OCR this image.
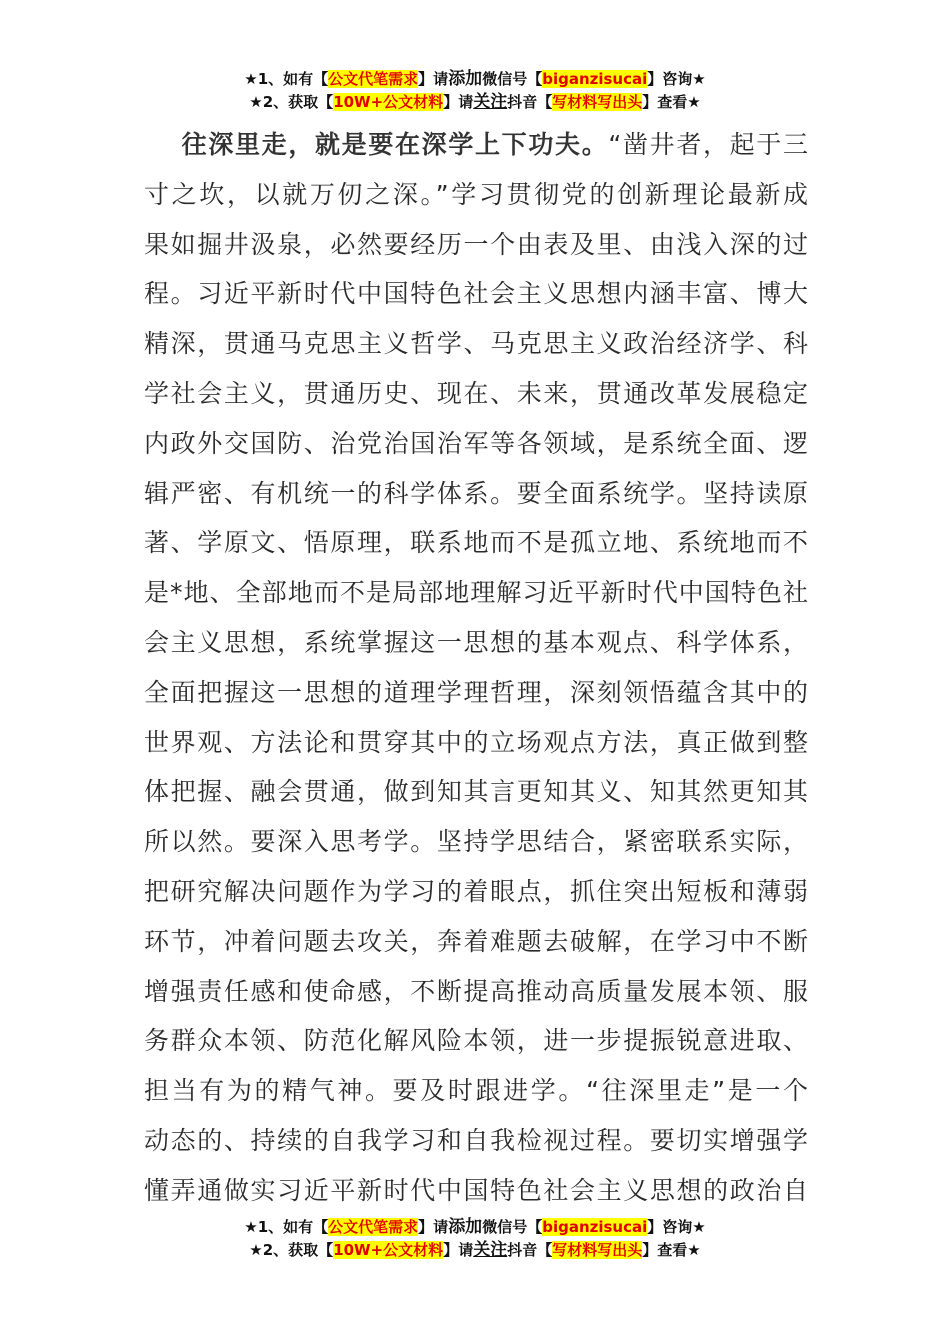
★1、如有【公文代笔需求】请添加微信号【biganzisucai】咨询★
★2、获取【10W+公文材料】请关注抖音【写材料写出头】查看★
往深里走，就是要在深学上下功夫。“凿井者，起于三
寸之坎，以就万仞之深。”学习贯彻党的创新理论最新成
果如掘井汲泉，必然要经历一个由表及里、由浅入深的过
程。习近平新时代中国特色社会主义思想内涵丰富、博大
精深，贯通马克思主义哲学、马克思主义政治经济学、科
学社会主义，贯通历史、现在、未来，贯通改革发展稳定
内政外交国防、治党治国治军等各领域，是系统全面、逻
辑严密、有机统一的科学体系。要全面系统学。坚持读原
著、学原文、悟原理，联系地而不是孤立地、系统地而不
是*地、全部地而不是局部地理解习近平新时代中国特色社
会主义思想，系统掌握这一思想的基本观点、科学体系，
全面把握这一思想的道理学理哲理，深刻领悟蕴含其中的
世界观、方法论和贯穿其中的立场观点方法，真正做到整
体把握、融会贯通，做到知其言更知其义、知其然更知其
所以然。要深入思考学。坚持学思结合，紧密联系实际，
把研究解决问题作为学习的着眼点，抓住突出短板和薄弱
环节，冲着问题去攻关，奔着难题去破解，在学习中不断
增强责任感和使命感，不断提高推动高质量发展本领、服
务群众本领、防范化解风险本领，进一步提振锐意进取、
担当有为的精气神。要及时跟进学。“往深里走”是一个
动态的、持续的自我学习和自我检视过程。要切实增强学
懂弄通做实习近平新时代中国特色社会主义思想的政治自
★1、如有【公文代笔需求】请添加微信号【biganzisucai】咨询★
★2、获取【10W+公文材料】请关注抖音【写材料写出头】查看★
